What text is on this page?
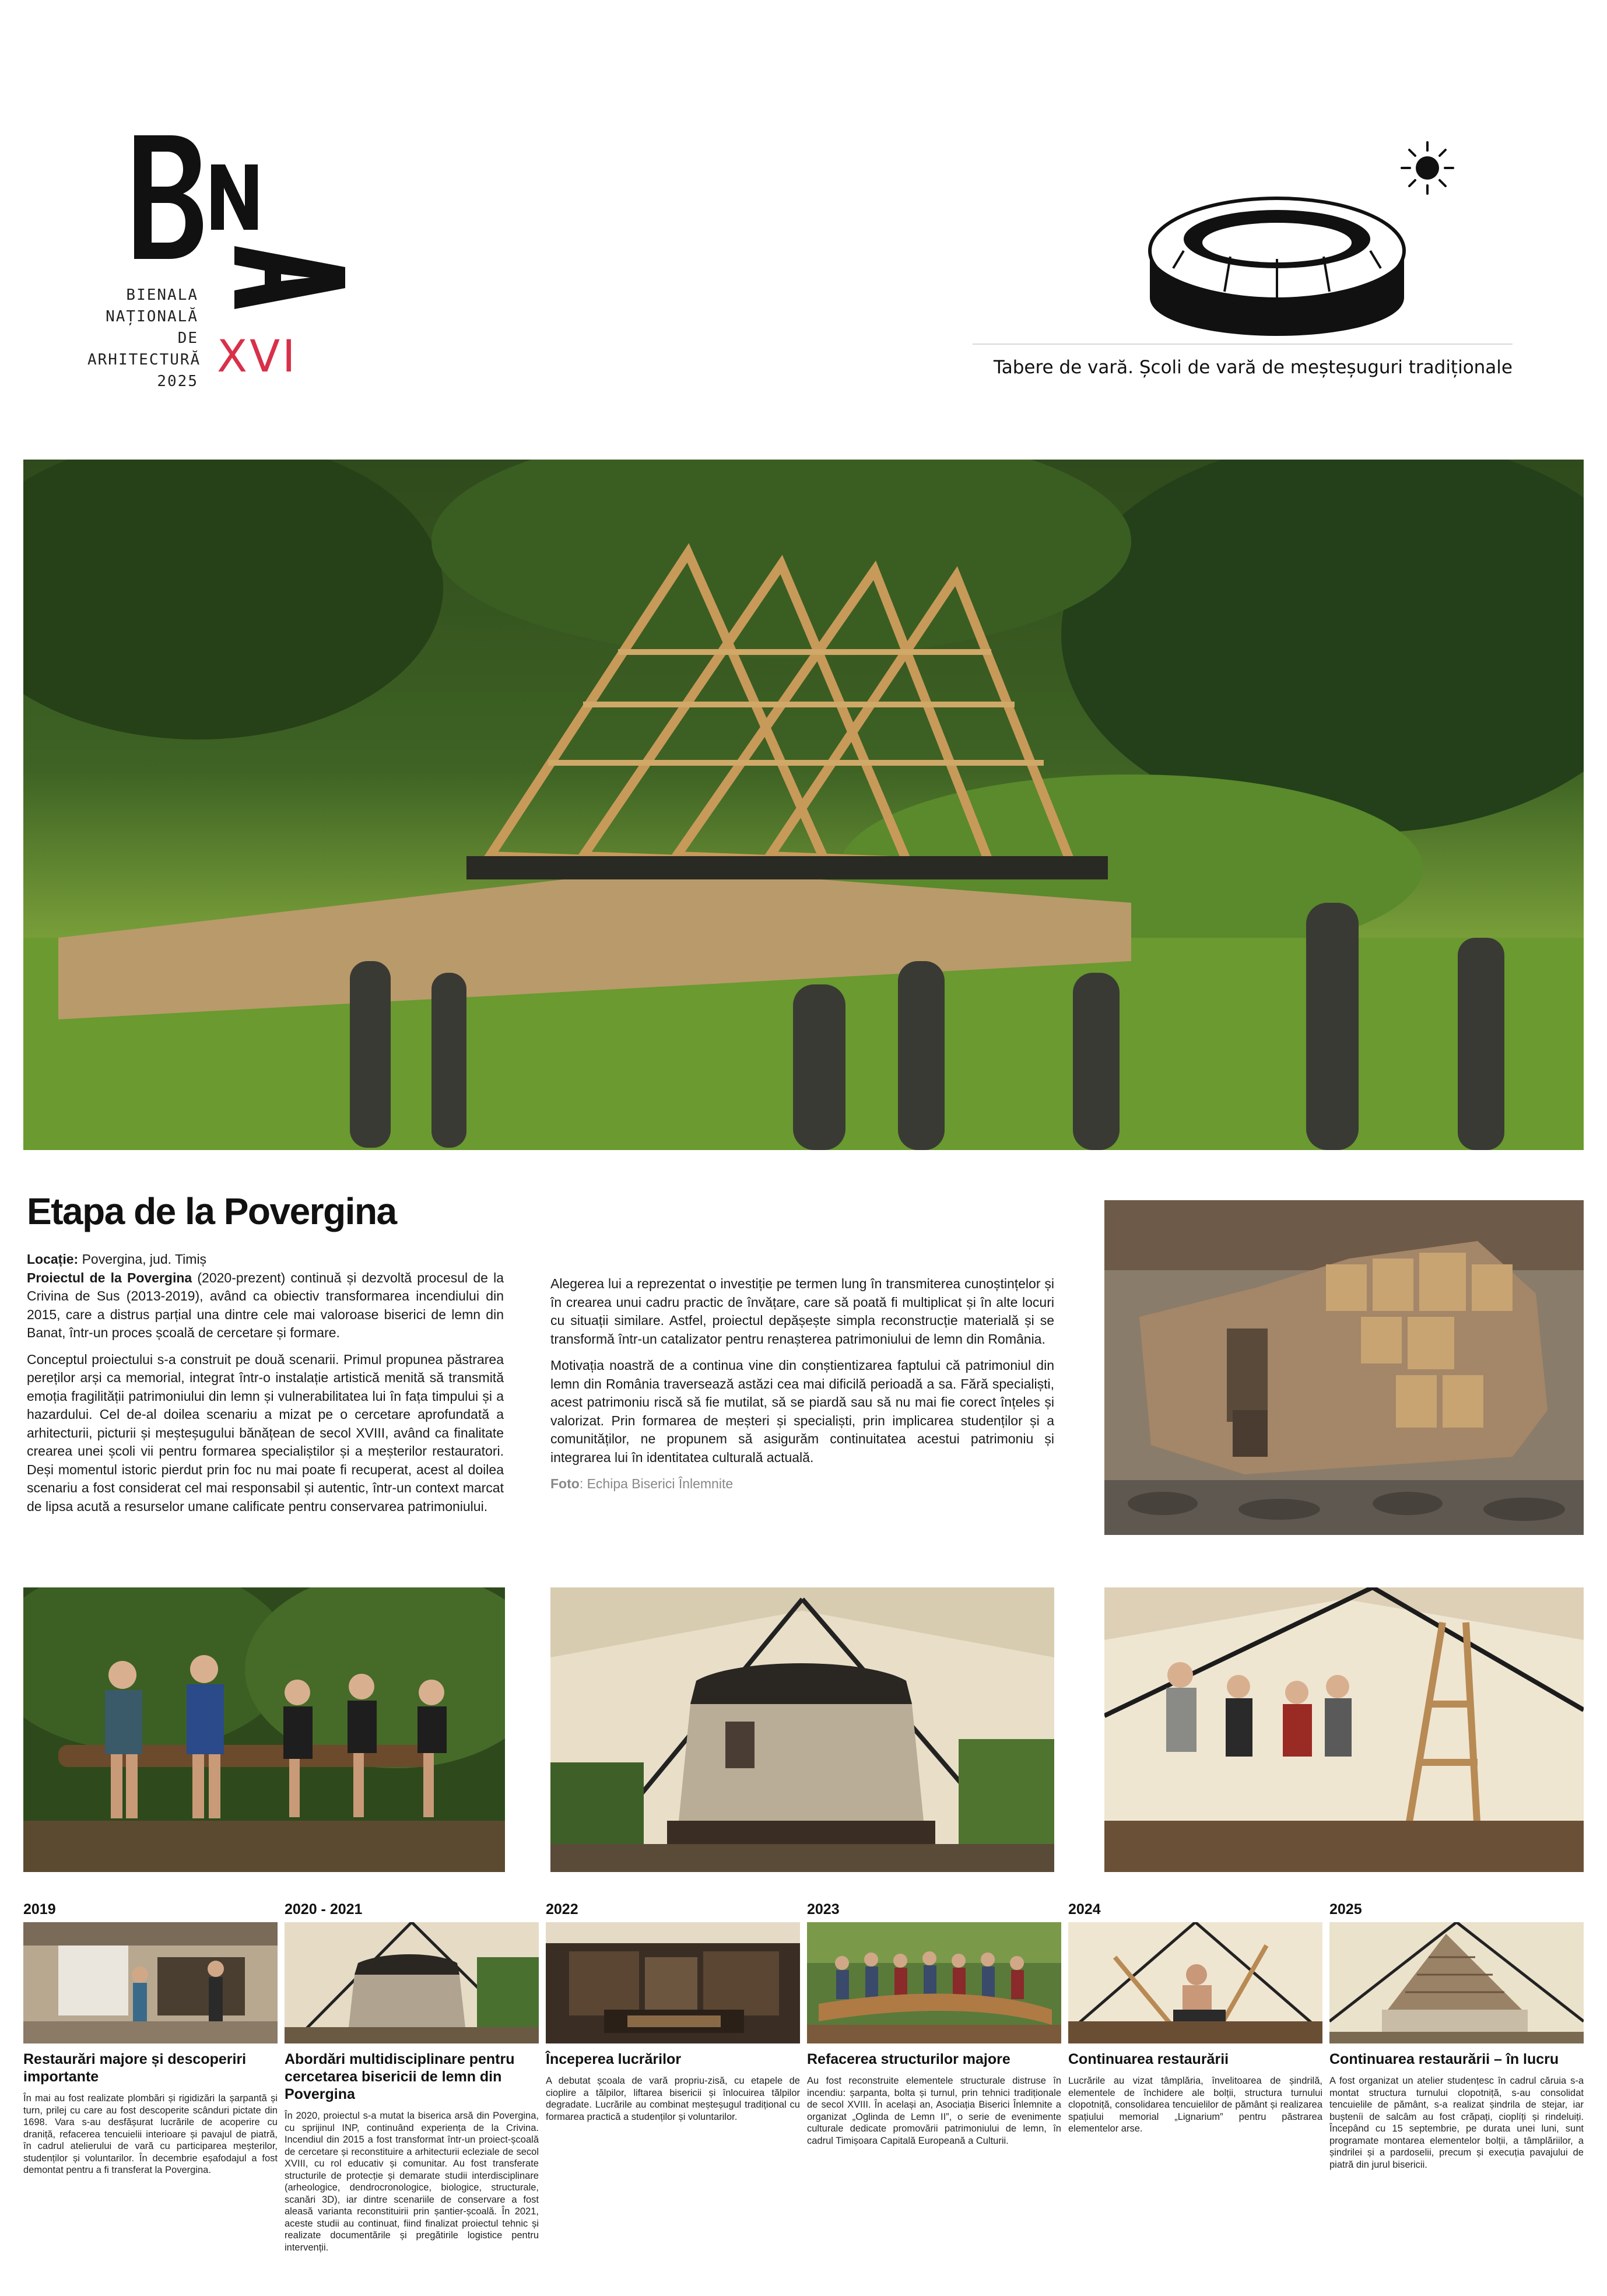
BIENALA
NAȚIONALĂ
DE
ARHITECTURĂ
2025 XVI	Tabere de vară. Școli de vară de meșteșuguri tradiționale
Etapa de la Povergina

Locație: Povergina, jud. Timiș

Proiectul de la Povergina (2020-prezent) continuă și dezvoltă procesul de la Crivina de Sus (2013-2019), având ca obiectiv transformarea incendiului din 2015, care a distrus parțial una dintre cele mai valoroase biserici de lemn din Banat, într-un proces școală de cercetare și formare.

Conceptul proiectului s-a construit pe două scenarii. Primul propunea păstrarea pereților arși ca memorial, integrat într-o instalație artistică menită să transmită emoția fragilității patrimoniului din lemn și vulnerabilitatea lui în fața timpului și a hazardului. Cel de-al doilea scenariu a mizat pe o cercetare aprofundată a arhitecturii, picturii și meșteșugului bănățean de secol XVIII, având ca finalitate crearea unei școli vii pentru formarea specialiștilor și a meșterilor restauratori. Deși momentul istoric pierdut prin foc nu mai poate fi recuperat, acest al doilea scenariu a fost considerat cel mai responsabil și autentic, într-un context marcat de lipsa acută a resurselor umane calificate pentru conservarea patrimoniului.

Alegerea lui a reprezentat o investiție pe termen lung în transmiterea cunoștințelor și în crearea unui cadru practic de învățare, care să poată fi multiplicat și în alte locuri cu situații similare. Astfel, proiectul depășește simpla reconstrucție materială și se transformă într-un catalizator pentru renașterea patrimoniului de lemn din România.

Motivația noastră de a continua vine din conștientizarea faptului că patrimoniul din lemn din România traversează astăzi cea mai dificilă perioadă a sa. Fără specialiști, acest patrimoniu riscă să fie mutilat, să se piardă sau să nu mai fie corect înțeles și valorizat. Prin formarea de meșteri și specialiști, prin implicarea studenților și a comunităților, ne propunem să asigurăm continuitatea acestui patrimoniu și integrarea lui în identitatea culturală actuală.

Foto: Echipa Biserici Înlemnite

2019
Restaurări majore și descoperiri importante
În mai au fost realizate plombări și rigidizări la șarpantă și turn, prilej cu care au fost descoperite scânduri pictate din 1698. Vara s-au desfășurat lucrările de acoperire cu draniță, refacerea tencuielii interioare și pavajul de piatră, în cadrul atelierului de vară cu participarea meșterilor, studenților și voluntarilor. În decembrie eșafodajul a fost demontat pentru a fi transferat la Povergina.
2020 - 2021
Abordări multidisciplinare pentru cercetarea bisericii de lemn din Povergina
În 2020, proiectul s-a mutat la biserica arsă din Povergina, cu sprijinul INP, continuând experiența de la Crivina. Incendiul din 2015 a fost transformat într-un proiect-școală de cercetare și reconstituire a arhitecturii ecleziale de secol XVIII, cu rol educativ și comunitar. Au fost transferate structurile de protecție și demarate studii interdisciplinare (arheologice, dendrocronologice, biologice, structurale, scanări 3D), iar dintre scenariile de conservare a fost aleasă varianta reconstituirii prin șantier-școală. În 2021, aceste studii au continuat, fiind finalizat proiectul tehnic și realizate documentările și pregătirile logistice pentru intervenții.
2022
Începerea lucrărilor
A debutat școala de vară propriu-zisă, cu etapele de cioplire a tălpilor, liftarea bisericii și înlocuirea tălpilor degradate. Lucrările au combinat meșteșugul tradițional cu formarea practică a studenților și voluntarilor.
2023
Refacerea structurilor majore
Au fost reconstruite elementele structurale distruse în incendiu: șarpanta, bolta și turnul, prin tehnici tradiționale de secol XVIII. În același an, Asociația Biserici Înlemnite a organizat „Oglinda de Lemn II”, o serie de evenimente culturale dedicate promovării patrimoniului de lemn, în cadrul Timișoara Capitală Europeană a Culturii.
2024
Continuarea restaurării
Lucrările au vizat tâmplăria, învelitoarea de șindrilă, elementele de închidere ale bolții, structura turnului clopotniță, consolidarea tencuielilor de pământ și realizarea spațiului memorial „Lignarium” pentru păstrarea elementelor arse.
2025
Continuarea restaurării – în lucru
A fost organizat un atelier studențesc în cadrul căruia s-a montat structura turnului clopotniță, s-au consolidat tencuielile de pământ, s-a realizat șindrila de stejar, iar bușteníi de salcâm au fost crăpați, cioplíți și rindeluiți. Începând cu 15 septembrie, pe durata unei luni, sunt programate montarea elementelor bolții, a tâmplăriilor, a șindrilei și a pardoselii, precum și execuția pavajului de piatră din jurul bisericii.
